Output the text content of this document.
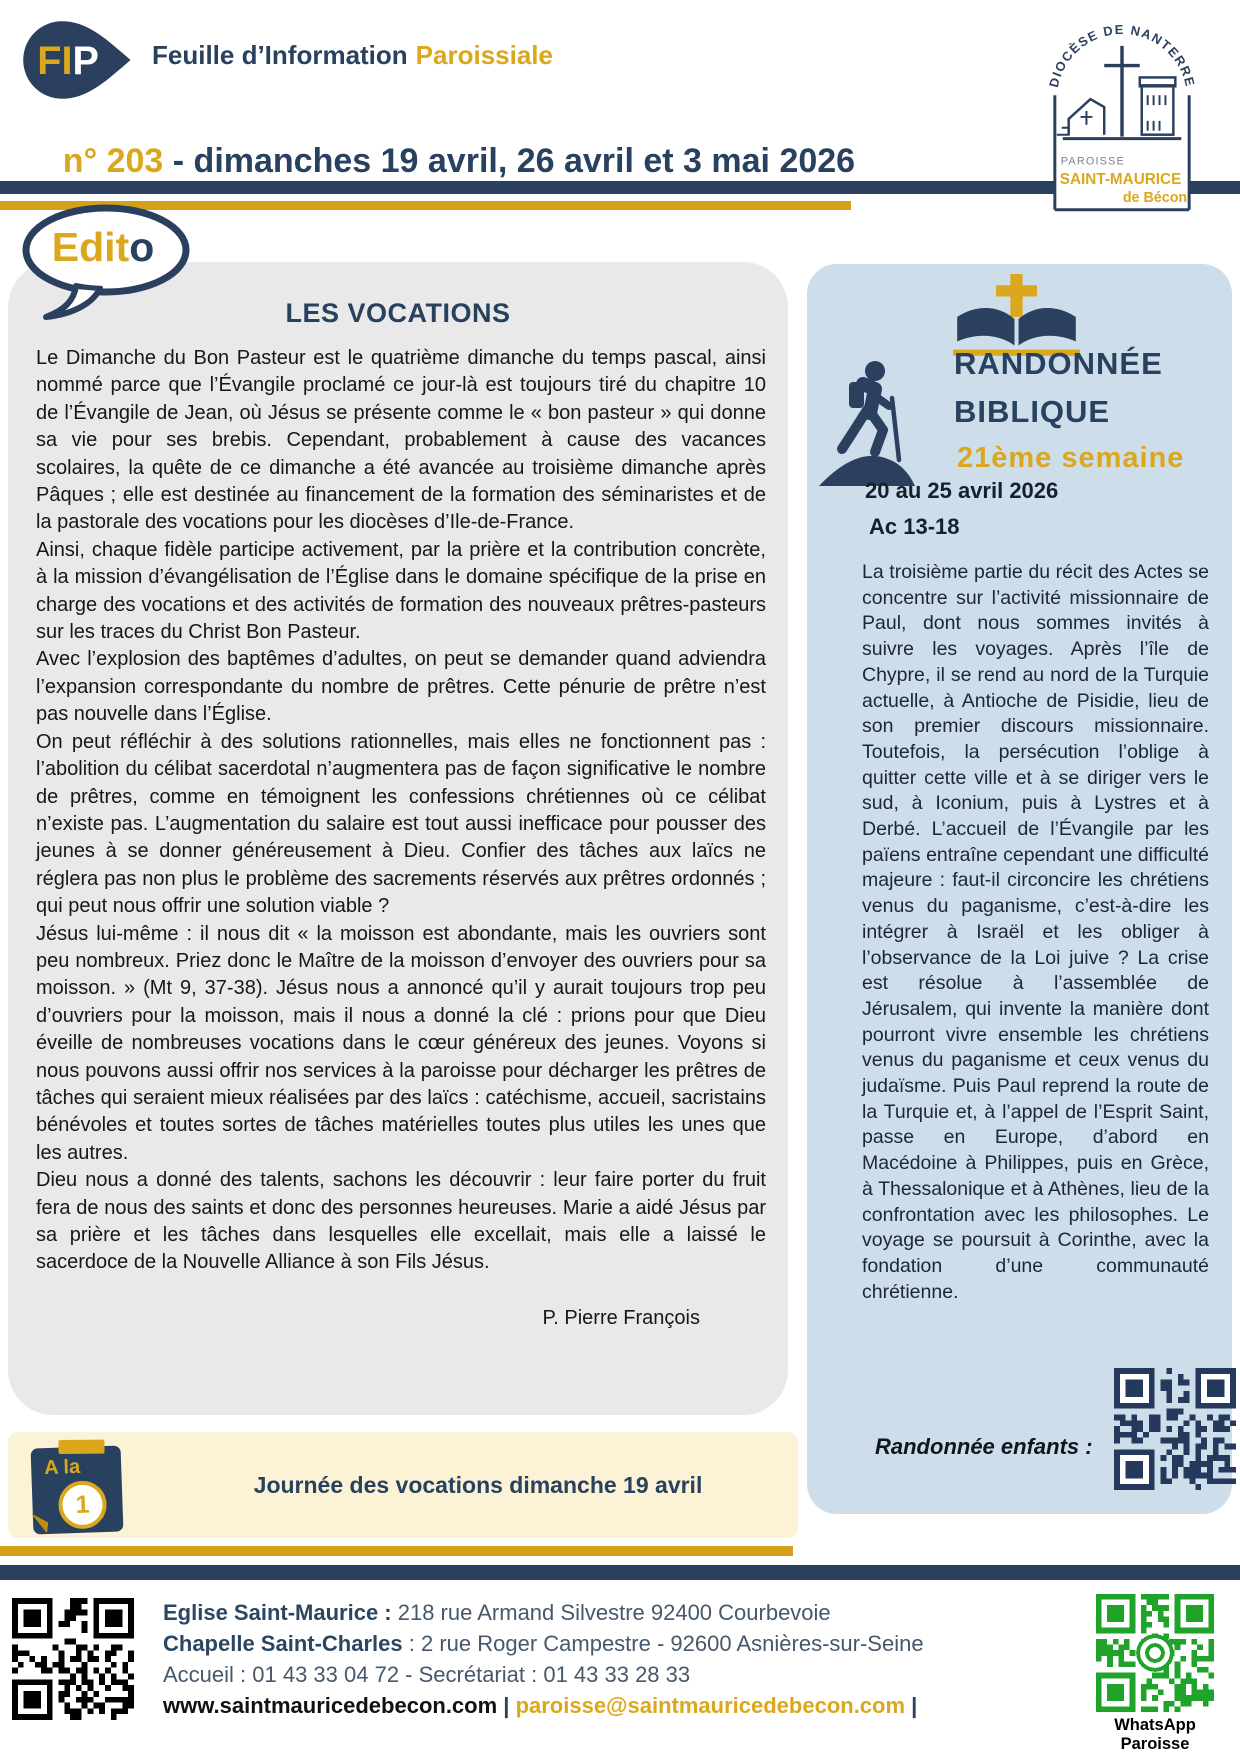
FIP Feuille d’Information Paroissiale

n° 203 - dimanches 19 avril, 26 avril et 3 mai 2026

DIOCÈSE DE NANTERRE
PAROISSE
SAINT-MAURICE
de Bécon
Edito
LES VOCATIONS

Le Dimanche du Bon Pasteur est le quatrième dimanche du temps pascal, ainsi nommé parce que l’Évangile proclamé ce jour-là est toujours tiré du chapitre 10 de l’Évangile de Jean, où Jésus se présente comme le « bon pasteur » qui donne sa vie pour ses brebis. Cependant, probablement à cause des vacances scolaires, la quête de ce dimanche a été avancée au troisième dimanche après Pâques ; elle est destinée au financement de la formation des séminaristes et de la pastorale des vocations pour les diocèses d’Ile-de-France.

Ainsi, chaque fidèle participe activement, par la prière et la contribution concrète, à la mission d’évangélisation de l’Église dans le domaine spécifique de la prise en charge des vocations et des activités de formation des nouveaux prêtres-pasteurs sur les traces du Christ Bon Pasteur.

Avec l’explosion des baptêmes d’adultes, on peut se demander quand adviendra l’expansion correspondante du nombre de prêtres. Cette pénurie de prêtre n’est pas nouvelle dans l’Église.

On peut réfléchir à des solutions rationnelles, mais elles ne fonctionnent pas : l’abolition du célibat sacerdotal n’augmentera pas de façon significative le nombre de prêtres, comme en témoignent les confessions chrétiennes où ce célibat n’existe pas. L’augmentation du salaire est tout aussi inefficace pour pousser des jeunes à se donner généreusement à Dieu. Confier des tâches aux laïcs ne réglera pas non plus le problème des sacrements réservés aux prêtres ordonnés ; qui peut nous offrir une solution viable ?

Jésus lui-même : il nous dit « la moisson est abondante, mais les ouvriers sont peu nombreux. Priez donc le Maître de la moisson d’envoyer des ouvriers pour sa moisson. » (Mt 9, 37-38). Jésus nous a annoncé qu’il y aurait toujours trop peu d’ouvriers pour la moisson, mais il nous a donné la clé : prions pour que Dieu éveille de nombreuses vocations dans le cœur généreux des jeunes. Voyons si nous pouvons aussi offrir nos services à la paroisse pour décharger les prêtres de tâches qui seraient mieux réalisées par des laïcs : catéchisme, accueil, sacristains bénévoles et toutes sortes de tâches matérielles toutes plus utiles les unes que les autres.

Dieu nous a donné des talents, sachons les découvrir : leur faire porter du fruit fera de nous des saints et donc des personnes heureuses. Marie a aidé Jésus par sa prière et les tâches dans lesquelles elle excellait, mais elle a laissé le sacerdoce de la Nouvelle Alliance à son Fils Jésus.

P. Pierre François
RANDONNÉE
BIBLIQUE
21ème semaine
20 au 25 avril 2026
Ac 13-18

La troisième partie du récit des Actes se concentre sur l’activité missionnaire de Paul, dont nous sommes invités à suivre les voyages. Après l’île de Chypre, il se rend au nord de la Turquie actuelle, à Antioche de Pisidie, lieu de son premier discours missionnaire. Toutefois, la persécution l’oblige à quitter cette ville et à se diriger vers le sud, à Iconium, puis à Lystres et à Derbé. L’accueil de l’Évangile par les païens entraîne cependant une difficulté majeure : faut-il circoncire les chrétiens venus du paganisme, c’est-à-dire les intégrer à Israël et les obliger à l’observance de la Loi juive ? La crise est résolue à l’assemblée de Jérusalem, qui invente la manière dont pourront vivre ensemble les chrétiens venus du paganisme et ceux venus du judaïsme. Puis Paul reprend la route de la Turquie et, à l’appel de l’Esprit Saint, passe en Europe, d’abord en Macédoine à Philippes, puis en Grèce, à Thessalonique et à Athènes, lieu de la confrontation avec les philosophes. Le voyage se poursuit à Corinthe, avec la fondation d’une communauté chrétienne.

Randonnée enfants :
Journée des vocations dimanche 19 avril
A la
1
Eglise Saint-Maurice : 218 rue Armand Silvestre 92400 Courbevoie
Chapelle Saint-Charles : 2 rue Roger Campestre - 92600 Asnières-sur-Seine
Accueil : 01 43 33 04 72 - Secrétariat : 01 43 33 28 33
www.saintmauricedebecon.com | paroisse@saintmauricedebecon.com |
WhatsApp Paroisse
